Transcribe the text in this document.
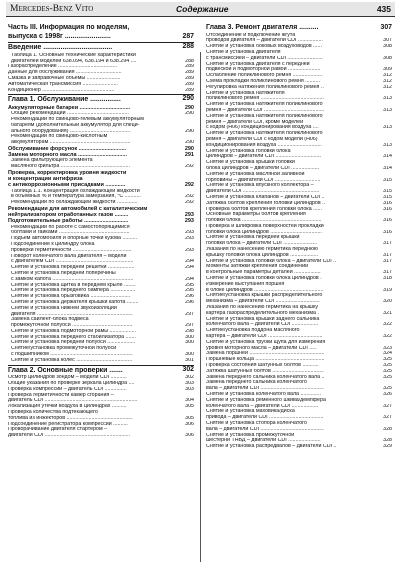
Mercedes-Benz Vito	Содержание	435
Часть III. Информация по моделям,
выпуска с 1998г ........................	287
Введение ....................................	288
Таблица 1. Основные технические характеристики
двигателей моделей 638.094, 638.194 и 638.294 ....	288
Газораспределение ........................................	289
Данные для обслуживания ...............................	289
Смазка и заправочные объемы .......................	289
Автоматическая трансмиссия ........................	289
Кондиционер .................................................	289
Глава 1. Обслуживание ................	290
Аккумуляторные батареи .................................	290
Общие рекомендации ..........................................	290
Рекомендации по свинцово-гелевым аккумуляторным
батареям (дополнительный аккумулятор для специ-
ального оборудования) .........................................	290
Рекомендации по свинцово-кислотным
аккумуляторам .......................................................	290
Обслуживание форсунок ...............................	290
Замена моторного масла ................................	291
Замена фильтрующего элемента
масляного фильтра ...............................................	292
Проверка, корректировка уровня жидкости
и концентрации антифриза
с антикоррозионными присадками .............	292
Таблица 1.1. Концентрация охлаждающей жидкости
в объемных % и температура замерзания, °C ...........	292
Рекомендации по охлаждающей жидкости ..............	292
Рекомендации для автомобилей с каталитическим
нейтрализатором отработанных газов .........	293
Подготовительные работы .............................	293
Рекомендации по работе с самостопорящимися
болтами и гайками ................................................	293
Подъем автомобиля и опорные точки кузова ..........	293
Подсоединение к цилиндру блока
проверки герметичности ........................................	293
Поворот коленчатого вала двигателя – модели
с двигателем CDI .....................................................	294
Снятие и установка передней решетки ..................	294
Снятие и установка передней поперечины
с замком капота .......................................................	294
Снятие и установка щитка в переднем крыле ........	295
Снятие и установка переднего бампера .................	295
Снятие и установка брызговика ...........................	296
Снятие и установка держателя крышки капота ........	296
Снятие и установка нижней звукоизоляции
двигателя .................................................................	297
Замена сайлент-блока подвеса
промежуточной полуоси .........................................	297
Снятие и установка подмоторной рамы ..................	298
Снятие и установка переднего стабилизатора .......	300
Снятие и установка передней полуоси ...................	300
Снятие/установка промежуточной полуоси
с подшипником ........................................................	300
Снятие и установка колес ......................................	301
Глава 2. Основные проверки .......	302
Осмотр цилиндров зондом – модели CDI ...........	302
Общие указания по проверке зеркала цилиндра ....	303
Проверка компрессии – двигатель CDI ...............	303
Проверка герметичности камер сгорания –
двигатель CDI ...............................................................	304
Локализация утечки воздуха в цилиндрах ..........	305
Проверка количества подтекающего
топлива из инжекторов .............................................	305
Подсоединение регистратора компрессии ..........	306
Проворачивание двигателя стартером –
двигатели CDI ..........................................................	306
Глава 3. Ремонт двигателя ..........	307
Отсоединение и подключение жгута
проводов двигателя – двигатели CDI .................	307
Снятие и установка боковых воздуховодов ......	308
Снятие и установка двигателя
с трансмиссией – двигатели CDI ........................	308
Снятие и установка двигателя с передней
подвеской и подмоторной рамой ......................	309
Ослабление поликлинового ремня ....................	312
Схема прокладки поликлинового ремня ..........	312
Регулировка натяжения поликлинового ремня ..	312
Снятие и установка натяжителя
поликлинового ремня ...........................................	313
Снятие и установка натяжителя поликлинового
ремня – двигатели CDI .........................................	313
Снятие и установка натяжителя поликлинового
ремня – двигатели CDI, кроме моделей
с кодом (H06) кондиционирования воздуха ....	313
Снятие и установка натяжителя поликлинового
ремня – двигатели CDI с кодом модели (H06)
кондиционирования воздуха ..............................	313
Снятие и установка головки блока
цилиндров – двигатели CDI ...............................	314
Снятие и установка крышки головки
блока цилиндров – двигатели CDI ...................	314
Снятие и установка масляной заливной
горловины – двигатели CDI ...............................	315
Снятие и установка впускного коллектора –
двигатели CDI ....................................................	315
Снятие и установка клапанов – двигатели CDI ..	315
Затяжка болтов крепления головки цилиндров ..	316
Проверка болтов крепления головки блока ......	316
Основные параметры болтов крепления
головки блока ......................................................	316
Проверка и шлифовка поверхностей прокладки
головки блока цилиндров ...................................	316
Снятие и установка передней крышки
головки блока – двигатели CDI .......................	317
Указания по нанесению герметика переднюю
крышку головки блока цилиндров ...................	317
Снятие и установка головки блока – двигатели CDI ..	317
Моменты затяжки крепления соединений
в контрольные параметры деталей ..................	317
Снятие и установка головки блока цилиндров .	318
Измерение выступания поршня
в блоке цилиндров ...............................................	319
Снятие/установка крышки распределительного
механизма – двигатели CDI ..............................	320
Указания по нанесению герметика на крышку
картера газораспределительного механизма .	321
Снятие и установка крышки заднего сальника
коленчатого вала – двигатели CDI ..................	322
Снятие/установка поддона масляного
картера – двигатели CDI .....................................	322
Снятие и установка трубки щупа для измерения
уровня моторного масла – двигатели CDI .....	323
Замена поршней ...................................................	324
Поршневые кольца ...............................................	325
Проверка состояния шатунных болтов ...........	325
Затяжка шатунных болтов ...................................	325
Замена переднего сальника коленчатого вала ..	325
Замена переднего сальника коленчатого
вала – двигатели CDI ...........................................	325
Снятие и установка коленчатого вала ..............	326
Снятие и установка ременного шкива/демпфера
коленчатого вала – двигатели CDI ..................	327
Снятие и установка маховика/диска
привода – двигатели CDI .....................................	327
Снятие и установка стопора коленчатого
вала – двигатели CDI ...........................................	328
Снятие и установка промежуточной
шестерни ТНВД – двигатели CDI ......................	328
Снятие и установка распредвалов – двигатели CDI ..	329
